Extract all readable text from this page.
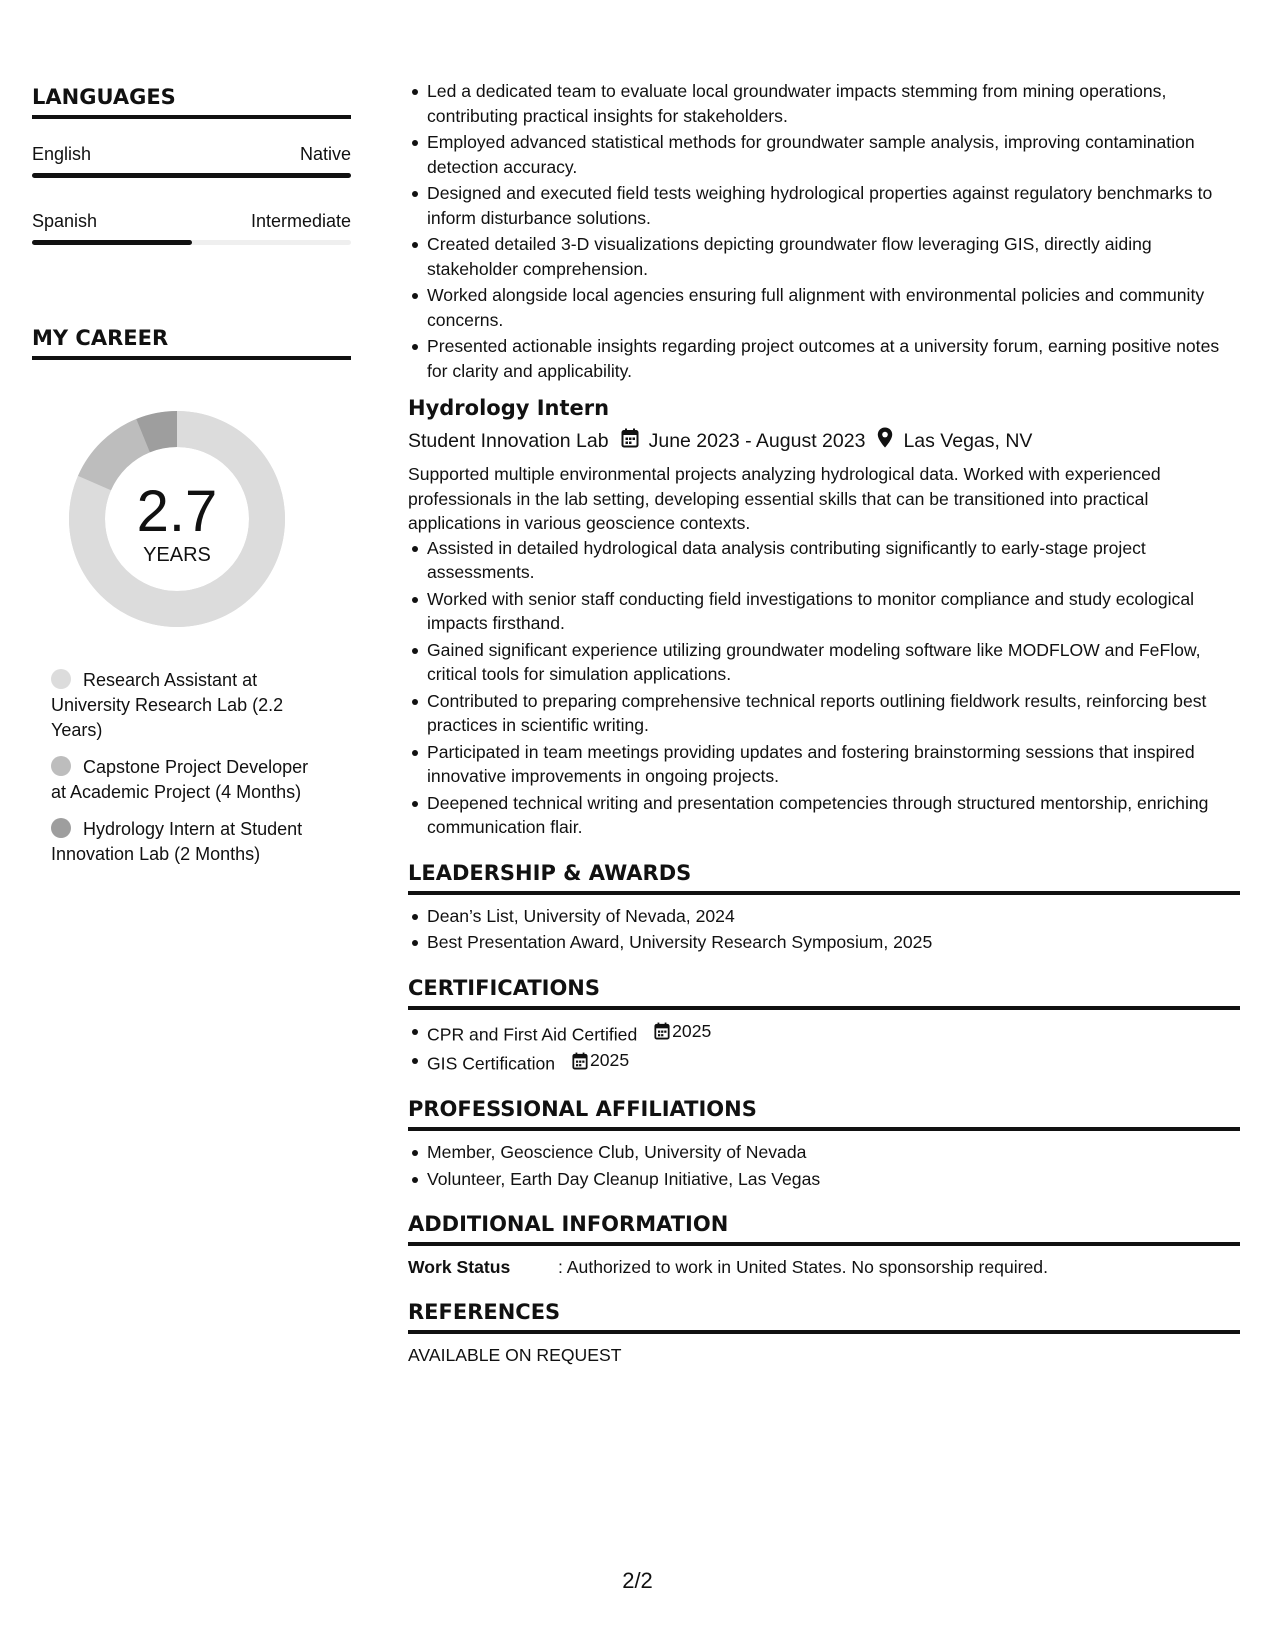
LANGUAGES
English	Native
Spanish	Intermediate
MY CAREER
2.7
YEARS
Research Assistant at University Research Lab (2.2 Years)
Capstone Project Developer at Academic Project (4 Months)
Hydrology Intern at Student Innovation Lab (2 Months)
Led a dedicated team to evaluate local groundwater impacts stemming from mining operations, contributing practical insights for stakeholders.
Employed advanced statistical methods for groundwater sample analysis, improving contamination detection accuracy.
Designed and executed field tests weighing hydrological properties against regulatory benchmarks to inform disturbance solutions.
Created detailed 3-D visualizations depicting groundwater flow leveraging GIS, directly aiding stakeholder comprehension.
Worked alongside local agencies ensuring full alignment with environmental policies and community concerns.
Presented actionable insights regarding project outcomes at a university forum, earning positive notes for clarity and applicability.
Hydrology Intern
Student Innovation Lab June 2023 - August 2023 Las Vegas, NV
Supported multiple environmental projects analyzing hydrological data. Worked with experienced professionals in the lab setting, developing essential skills that can be transitioned into practical applications in various geoscience contexts.
Assisted in detailed hydrological data analysis contributing significantly to early-stage project assessments.
Worked with senior staff conducting field investigations to monitor compliance and study ecological impacts firsthand.
Gained significant experience utilizing groundwater modeling software like MODFLOW and FeFlow, critical tools for simulation applications.
Contributed to preparing comprehensive technical reports outlining fieldwork results, reinforcing best practices in scientific writing.
Participated in team meetings providing updates and fostering brainstorming sessions that inspired innovative improvements in ongoing projects.
Deepened technical writing and presentation competencies through structured mentorship, enriching communication flair.
LEADERSHIP & AWARDS
Dean’s List, University of Nevada, 2024
Best Presentation Award, University Research Symposium, 2025
CERTIFICATIONS
CPR and First Aid Certified 2025
GIS Certification 2025
PROFESSIONAL AFFILIATIONS
Member, Geoscience Club, University of Nevada
Volunteer, Earth Day Cleanup Initiative, Las Vegas
ADDITIONAL INFORMATION
Work Status	: Authorized to work in United States. No sponsorship required.
REFERENCES
AVAILABLE ON REQUEST
2/2
